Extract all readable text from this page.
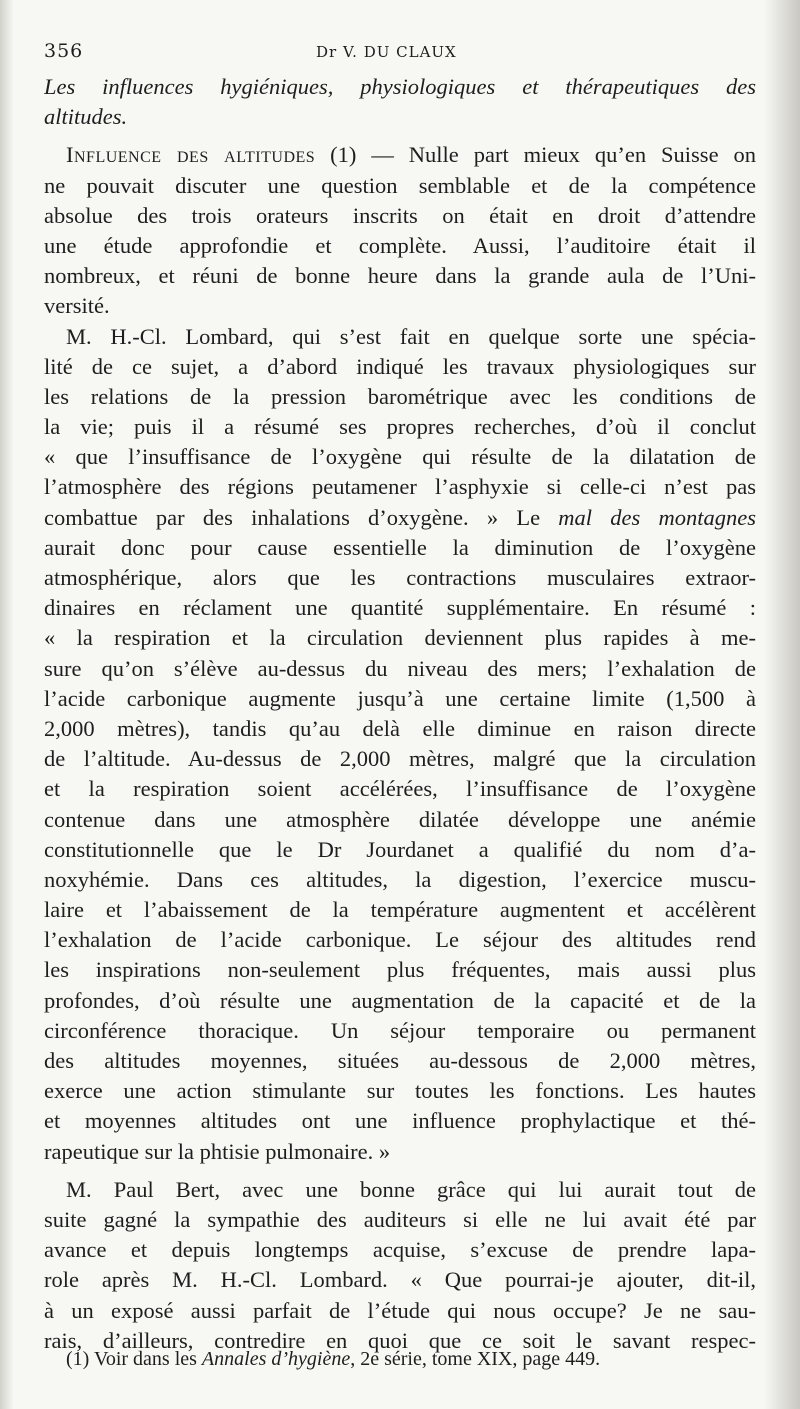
356	Dr V. DU CLAUX
Les influences hygiéniques, physiologiques et thérapeutiques des
altitudes.
Influence des altitudes (1) — Nulle part mieux qu’en Suisse on
ne pouvait discuter une question semblable et de la compétence
absolue des trois orateurs inscrits on était en droit d’attendre
une étude approfondie et complète. Aussi, l’auditoire était il
nombreux, et réuni de bonne heure dans la grande aula de l’Uni-
versité.
M. H.-Cl. Lombard, qui s’est fait en quelque sorte une spécia-
lité de ce sujet, a d’abord indiqué les travaux physiologiques sur
les relations de la pression barométrique avec les conditions de
la vie; puis il a résumé ses propres recherches, d’où il conclut
« que l’insuffisance de l’oxygène qui résulte de la dilatation de
l’atmosphère des régions peutamener l’asphyxie si celle-ci n’est pas
combattue par des inhalations d’oxygène. » Le mal des montagnes
aurait donc pour cause essentielle la diminution de l’oxygène
atmosphérique, alors que les contractions musculaires extraor-
dinaires en réclament une quantité supplémentaire. En résumé :
« la respiration et la circulation deviennent plus rapides à me-
sure qu’on s’élève au-dessus du niveau des mers; l’exhalation de
l’acide carbonique augmente jusqu’à une certaine limite (1,500 à
2,000 mètres), tandis qu’au delà elle diminue en raison directe
de l’altitude. Au-dessus de 2,000 mètres, malgré que la circulation
et la respiration soient accélérées, l’insuffisance de l’oxygène
contenue dans une atmosphère dilatée développe une anémie
constitutionnelle que le Dr Jourdanet a qualifié du nom d’a-
noxyhémie. Dans ces altitudes, la digestion, l’exercice muscu-
laire et l’abaissement de la température augmentent et accélèrent
l’exhalation de l’acide carbonique. Le séjour des altitudes rend
les inspirations non-seulement plus fréquentes, mais aussi plus
profondes, d’où résulte une augmentation de la capacité et de la
circonférence thoracique. Un séjour temporaire ou permanent
des altitudes moyennes, situées au-dessous de 2,000 mètres,
exerce une action stimulante sur toutes les fonctions. Les hautes
et moyennes altitudes ont une influence prophylactique et thé-
rapeutique sur la phtisie pulmonaire. »
M. Paul Bert, avec une bonne grâce qui lui aurait tout de
suite gagné la sympathie des auditeurs si elle ne lui avait été par
avance et depuis longtemps acquise, s’excuse de prendre lapa-
role après M. H.-Cl. Lombard. « Que pourrai-je ajouter, dit-il,
à un exposé aussi parfait de l’étude qui nous occupe? Je ne sau-
rais, d’ailleurs, contredire en quoi que ce soit le savant respec-
(1) Voir dans les Annales d’hygiène, 2e série, tome XIX, page 449.
